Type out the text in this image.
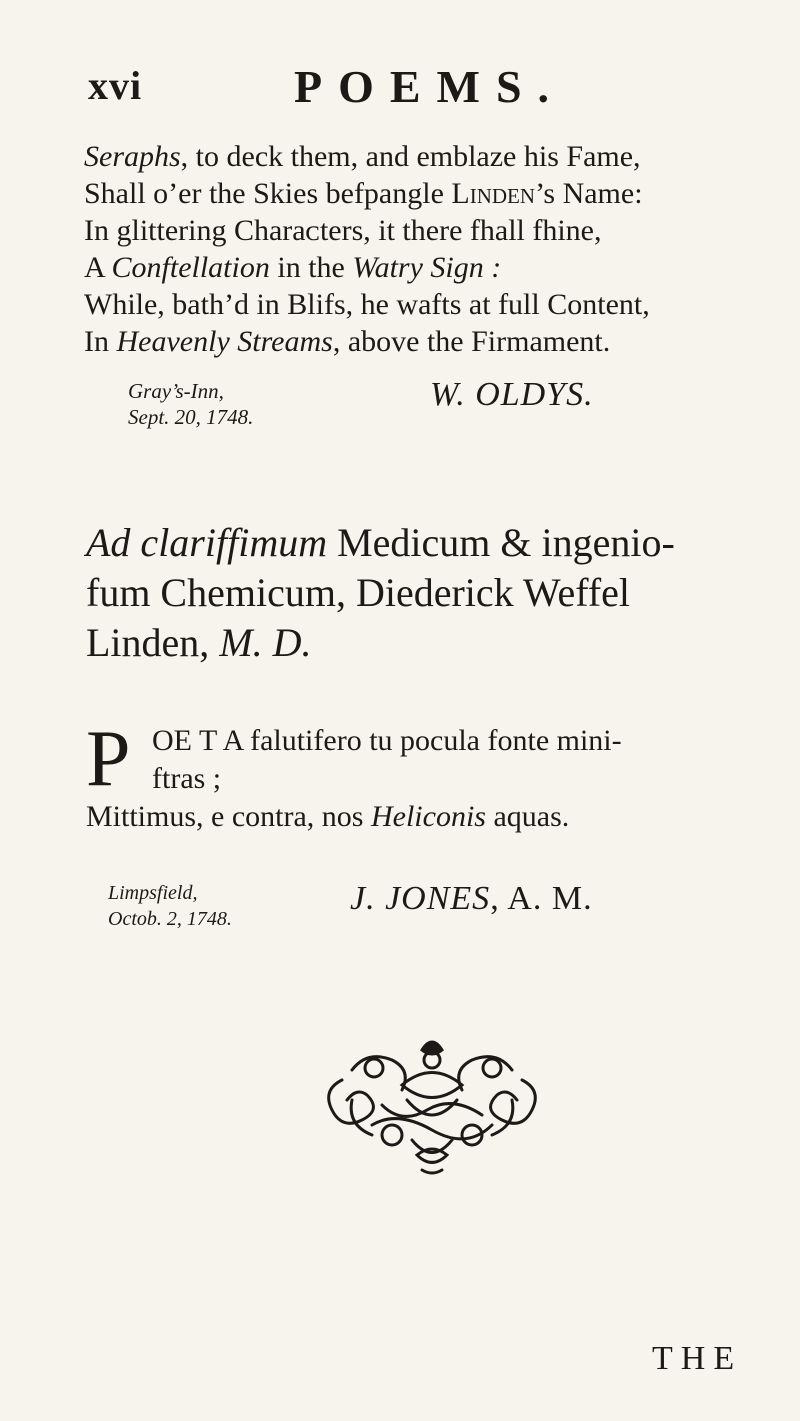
xvi	POEMS.
Seraphs, to deck them, and emblaze his Fame,
Shall o’er the Skies befpangle Linden’s Name:
In glittering Charaᴄters, it there fhall fhine,
A Conftellation in the Watry Sign :
While, bath’d in Blifs, he wafts at full Content,
In Heavenly Streams, above the Firmament.
Gray’s-Inn,
Sept. 20, 1748.
W. OLDYS.
Ad clariffimum Medicum & ingenio-
fum Chemicum, Diederick Weffel
Linden, M. D.
P OE T A falutifero tu pocula fonte mini-
ftras ;
Mittimus, e contra, nos Heliconis aquas.
Limpsfield,
Octob. 2, 1748.
J. JONES, A. M.
THE
